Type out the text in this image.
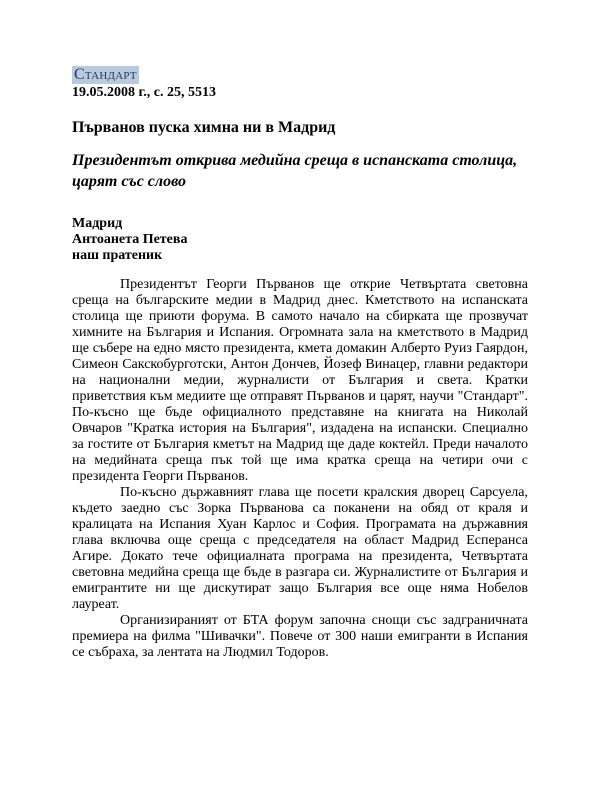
Стандарт
19.05.2008 г., с. 25, 5513
Първанов пуска химна ни в Мадрид
Президентът открива медийна среща в испанската столица, царят със слово
Мадрид
Антоанета Петева
наш пратеник

Президентът Георги Първанов ще открие Четвъртата световна среща на българските медии в Мадрид днес. Кметството на испанската столица ще приюти форума. В самото начало на сбирката ще прозвучат химните на България и Испания. Огромната зала на кметството в Мадрид ще събере на едно място президента, кмета домакин Алберто Руиз Гаярдон, Симеон Сакскобурготски, Антон Дончев, Йозеф Винацер, главни редактори на национални медии, журналисти от България и света. Кратки приветствия към медиите ще отправят Първанов и царят, научи "Стандарт". По-късно ще бъде официалното представяне на книгата на Николай Овчаров "Кратка история на България", издадена на испански. Специално за гостите от България кметът на Мадрид ще даде коктейл. Преди началото на медийната среща пък той ще има кратка среща на четири очи с президента Георги Първанов.

По-късно държавният глава ще посети кралския дворец Сарсуела, където заедно със Зорка Първанова са поканени на обяд от краля и кралицата на Испания Хуан Карлос и София. Програмата на държавния глава включва още среща с председателя на област Мадрид Есперанса Агире. Докато тече официалната програма на президента, Четвъртата световна медийна среща ще бъде в разгара си. Журналистите от България и емигрантите ни ще дискутират защо България все още няма Нобелов лауреат.

Организираният от БТА форум започна снощи със задграничната премиера на филма "Шивачки". Повече от 300 наши емигранти в Испания се събраха, за лентата на Людмил Тодоров.
